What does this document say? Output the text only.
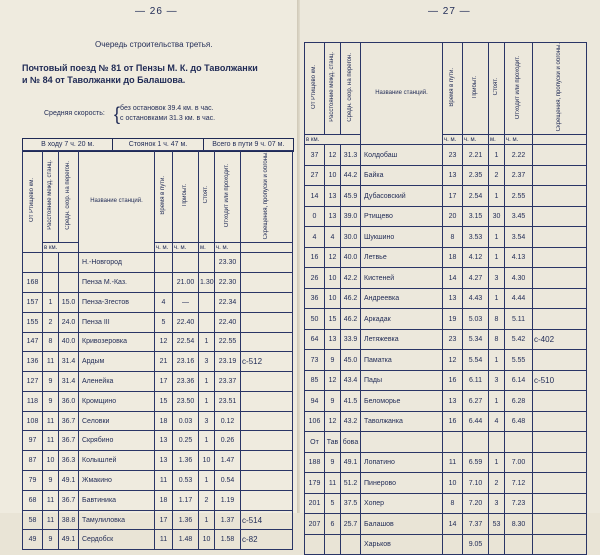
— 26 —
Очередь строительства третья.
Почтовый поезд № 81 от Пензы М. К. до Таволжанки
и № 84 от Таволжанки до Балашова.
Средняя скорость: { без остановок 39.4 км. в час.
с остановками 31.3 км. в час.
В ходу 7 ч. 20 м.	Стоянок 1 ч. 47 м.	Всего в пути 9 ч. 07 м.
От Ртищево км.	Расстояние межд. станц.	Средн. скор. на перегон.	Название станций.	Время в пути.	Прибыт.	Стоят.	Отходит или проходит.	Скрещения, пропуски и обгоны.
	в км.			ч. м.	ч. м.	м.	ч. м.	
			Н.-Новгород				23.30	
168			Пенза М.-Каз.		21.00	1.30	22.30	
157	1	15.0	Пенза-Згестов	4	—		22.34	
155	2	24.0	Пенза III	5	22.40		22.40	
147	8	40.0	Кривозеровка	12	22.54	1	22.55	
136	11	31.4	Ардым	21	23.16	3	23.19	с-512
127	9	31.4	Аленейка	17	23.36	1	23.37	
118	9	36.0	Кромщино	15	23.50	1	23.51	
108	11	36.7	Селовки	18	0.03	3	0.12	
97	11	36.7	Скрябино	13	0.25	1	0.26	
87	10	36.3	Колышлей	13	1.36	10	1.47	
79	9	49.1	Жмакино	11	0.53	1	0.54	
68	11	36.7	Бавтиника	18	1.17	2	1.19	
58	11	38.8	Тамулиловка	17	1.36	1	1.37	с-514
49	9	49.1	Сердобск	11	1.48	10	1.58	с-82
— 27 —
От Ртищево км.	Расстояние межд. станц.	Средн. скор. на перегон.	Название станций.	Время в пути.	Прибыт.	Стоят.	Отходит или проходит.	Скрещения, пропуски и обгоны.
в км.				ч. м.	ч. м.	м.	ч. м.	
37	12	31.3	Колдобаш	23	2.21	1	2.22	
27	10	44.2	Байка	13	2.35	2	2.37	
14	13	45.9	Дубасовский	17	2.54	1	2.55	
0	13	39.0	Ртищево	20	3.15	30	3.45	
4	4	30.0	Шукшино	8	3.53	1	3.54	
16	12	40.0	Летвье	18	4.12	1	4.13	
26	10	42.2	Кистеней	14	4.27	3	4.30	
36	10	46.2	Андреевка	13	4.43	1	4.44	
50	15	46.2	Аркадак	19	5.03	8	5.11	
64	13	33.9	Летяжевка	23	5.34	8	5.42	с-402
73	9	45.0	Паматка	12	5.54	1	5.55	
85	12	43.4	Пады	16	6.11	3	6.14	с-510
94	9	41.5	Беломорье	13	6.27	1	6.28	
106	12	43.2	Таволжанка	16	6.44	4	6.48	
От	Тав	бова						
188	9	49.1	Лопатино	11	6.59	1	7.00	
179	11	51.2	Пинерово	10	7.10	2	7.12	
201	5	37.5	Хопер	8	7.20	3	7.23	
207	6	25.7	Балашов	14	7.37	53	8.30	
			Харьков		9.05			
